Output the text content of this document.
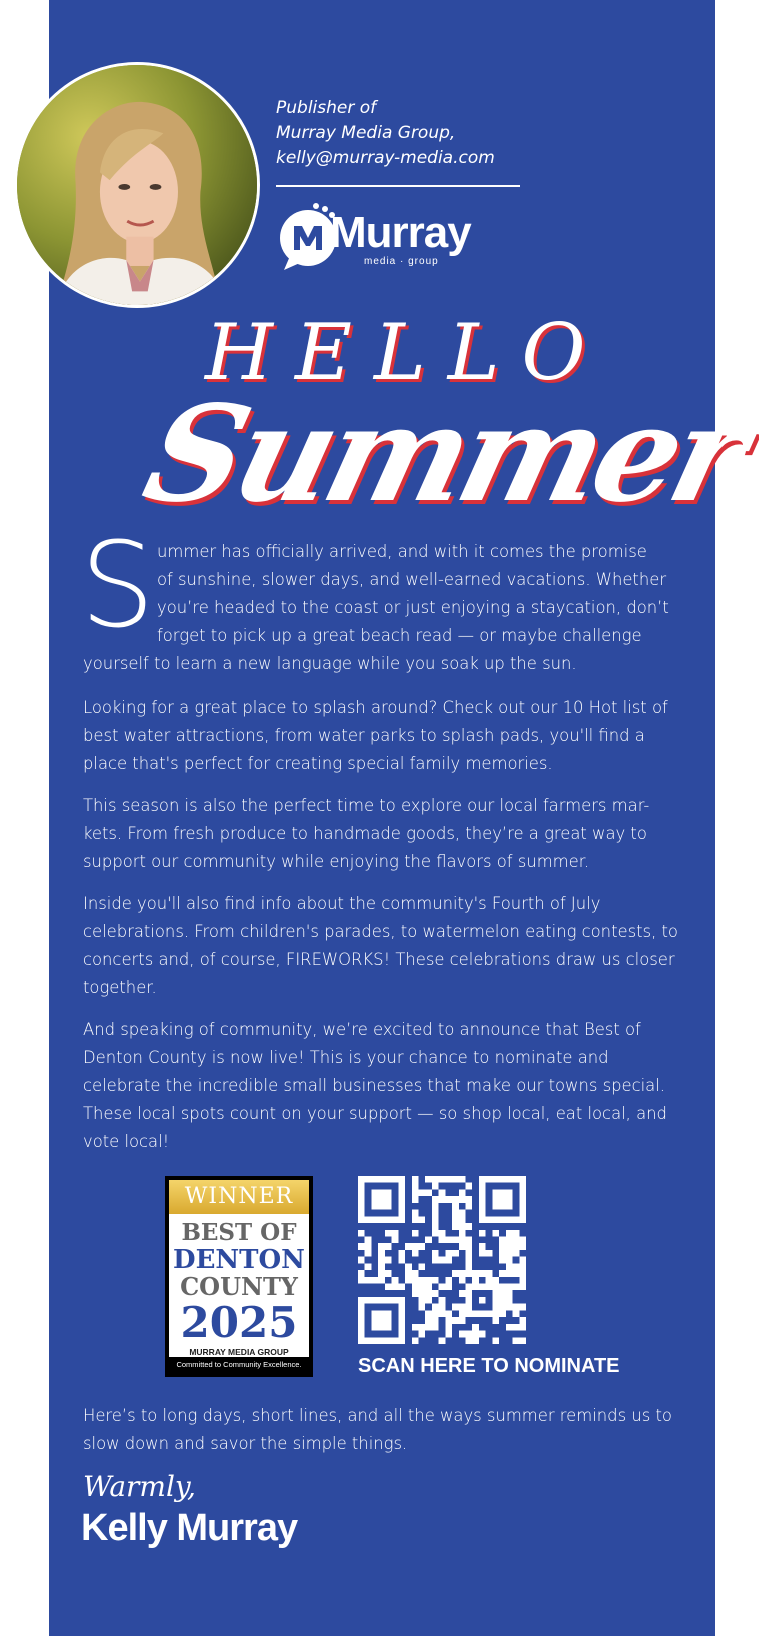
Publisher of
Murray Media Group,
kelly@murray-media.com
Murray
media · group
HELLO
Summer
S ummer has officially arrived, and with it comes the promise
of sunshine, slower days, and well-earned vacations. Whether
you’re headed to the coast or just enjoying a staycation, don’t
forget to pick up a great beach read — or maybe challenge
yourself to learn a new language while you soak up the sun.

Looking for a great place to splash around? Check out our 10 Hot list of best water attractions, from water parks to splash pads, you'll find a place that's perfect for creating special family memories.

This season is also the perfect time to explore our local farmers mar-kets. From fresh produce to handmade goods, they’re a great way to support our community while enjoying the flavors of summer.

Inside you'll also find info about the community's Fourth of July celebrations. From children's parades, to watermelon eating contests, to concerts and, of course, FIREWORKS! These celebrations draw us closer together.

And speaking of community, we’re excited to announce that Best of Denton County is now live! This is your chance to nominate and celebrate the incredible small businesses that make our towns special. These local spots count on your support — so shop local, eat local, and vote local!

WINNER
BEST OF
DENTON
COUNTY
2025
MURRAY MEDIA GROUP
Committed to Community Excellence.	SCAN HERE TO NOMINATE

Here’s to long days, short lines, and all the ways summer reminds us to slow down and savor the simple things.

Warmly,
Kelly Murray
